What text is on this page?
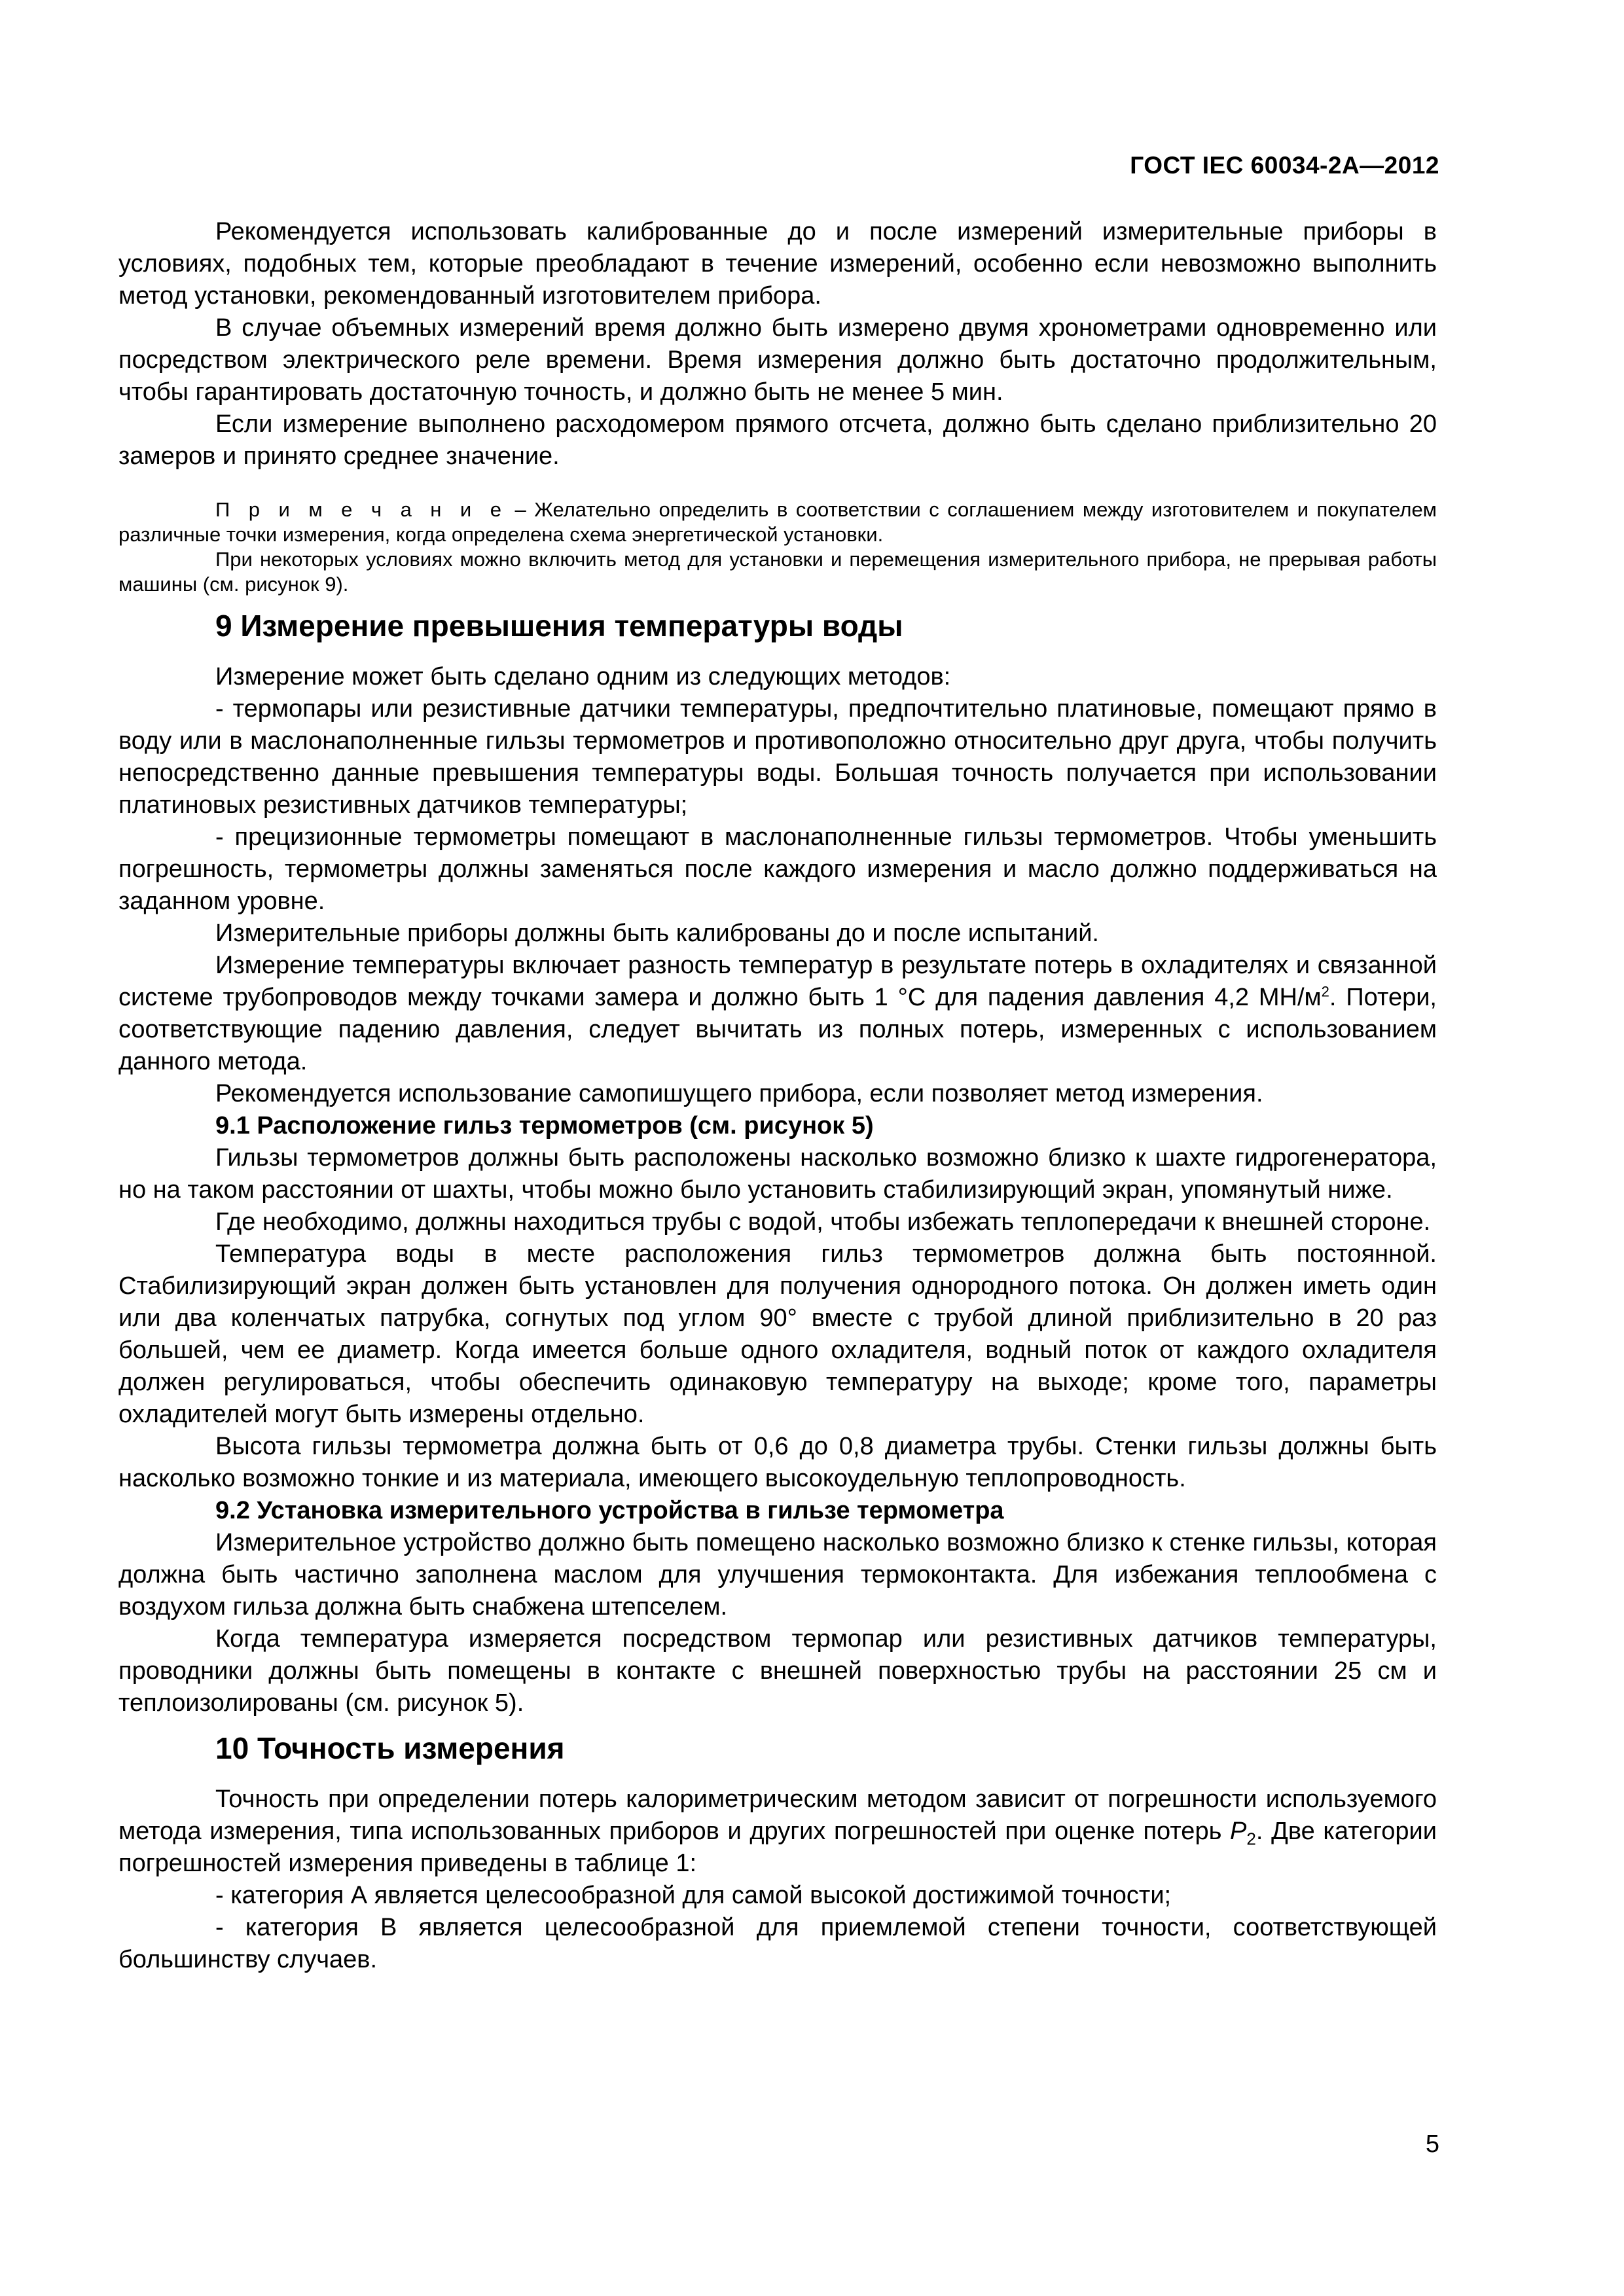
ГОСТ IEC 60034-2A—2012

Рекомендуется использовать калиброванные до и после измерений измерительные приборы в условиях, подобных тем, которые преобладают в течение измерений, особенно если невозможно выполнить метод установки, рекомендованный изготовителем прибора.

В случае объемных измерений время должно быть измерено двумя хронометрами одновременно или посредством электрического реле времени. Время измерения должно быть достаточно продолжительным, чтобы гарантировать достаточную точность, и должно быть не менее 5 мин.

Если измерение выполнено расходомером прямого отсчета, должно быть сделано приблизительно 20 замеров и принято среднее значение.

П р и м е ч а н и е – Желательно определить в соответствии с соглашением между изготовителем и покупателем различные точки измерения, когда определена схема энергетической установки.

При некоторых условиях можно включить метод для установки и перемещения измерительного прибора, не прерывая работы машины (см. рисунок 9).

9 Измерение превышения температуры воды

Измерение может быть сделано одним из следующих методов:

- термопары или резистивные датчики температуры, предпочтительно платиновые, помещают прямо в воду или в маслонаполненные гильзы термометров и противоположно относительно друг друга, чтобы получить непосредственно данные превышения температуры воды. Большая точность получается при использовании платиновых резистивных датчиков температуры;

- прецизионные термометры помещают в маслонаполненные гильзы термометров. Чтобы уменьшить погрешность, термометры должны заменяться после каждого измерения и масло должно поддерживаться на заданном уровне.

Измерительные приборы должны быть калиброваны до и после испытаний.

Измерение температуры включает разность температур в результате потерь в охладителях и связанной системе трубопроводов между точками замера и должно быть 1 °С для падения давления 4,2 $МН/м^2$. Потери, соответствующие падению давления, следует вычитать из полных потерь, измеренных с использованием данного метода.

Рекомендуется использование самопишущего прибора, если позволяет метод измерения.

9.1 Расположение гильз термометров (см. рисунок 5)

Гильзы термометров должны быть расположены насколько возможно близко к шахте гидрогенератора, но на таком расстоянии от шахты, чтобы можно было установить стабилизирующий экран, упомянутый ниже.

Где необходимо, должны находиться трубы с водой, чтобы избежать теплопередачи к внешней стороне.

Температура воды в месте расположения гильз термометров должна быть постоянной. Стабилизирующий экран должен быть установлен для получения однородного потока. Он должен иметь один или два коленчатых патрубка, согнутых под углом 90° вместе с трубой длиной приблизительно в 20 раз большей, чем ее диаметр. Когда имеется больше одного охладителя, водный поток от каждого охладителя должен регулироваться, чтобы обеспечить одинаковую температуру на выходе; кроме того, параметры охладителей могут быть измерены отдельно.

Высота гильзы термометра должна быть от 0,6 до 0,8 диаметра трубы. Стенки гильзы должны быть насколько возможно тонкие и из материала, имеющего высокоудельную теплопроводность.

9.2 Установка измерительного устройства в гильзе термометра

Измерительное устройство должно быть помещено насколько возможно близко к стенке гильзы, которая должна быть частично заполнена маслом для улучшения термоконтакта. Для избежания теплообмена с воздухом гильза должна быть снабжена штепселем.

Когда температура измеряется посредством термопар или резистивных датчиков температуры, проводники должны быть помещены в контакте с внешней поверхностью трубы на расстоянии 25 см и теплоизолированы (см. рисунок 5).

10 Точность измерения

Точность при определении потерь калориметрическим методом зависит от погрешности используемого метода измерения, типа использованных приборов и других погрешностей при оценке потерь $P_2$. Две категории погрешностей измерения приведены в таблице 1:

- категория А является целесообразной для самой высокой достижимой точности;

- категория В является целесообразной для приемлемой степени точности, соответствующей большинству случаев.

5
